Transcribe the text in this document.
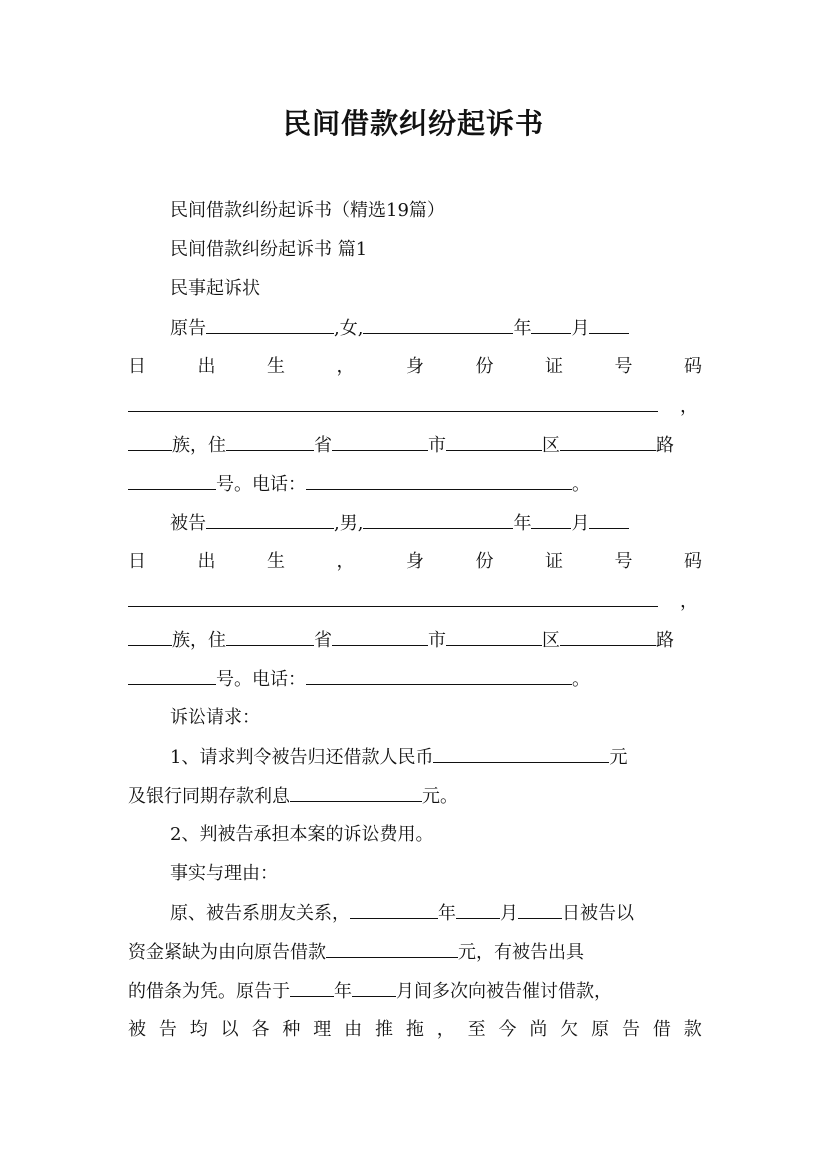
民间借款纠纷起诉书
民间借款纠纷起诉书（精选19篇）
民间借款纠纷起诉书 篇1
民事起诉状
原告	,女,	年 月
日	出	生	，	身	份	证	号	码
，
族，住	省	市	区	路
号。电话：	。
被告	,男,	年 月
日	出	生	，	身	份	证	号	码
，
族，住	省	市	区	路
号。电话：	。
诉讼请求：
1、请求判令被告归还借款人民币	元
及银行同期存款利息	元。
2、判被告承担本案的诉讼费用。
事实与理由：
原、被告系朋友关系，	年 月 日被告以
资金紧缺为由向原告借款	元，有被告出具
的借条为凭。原告于 年 月间多次向被告催讨借款，
被 告 均 以 各 种 理 由 推 拖 ， 至 今 尚 欠 原 告 借 款
